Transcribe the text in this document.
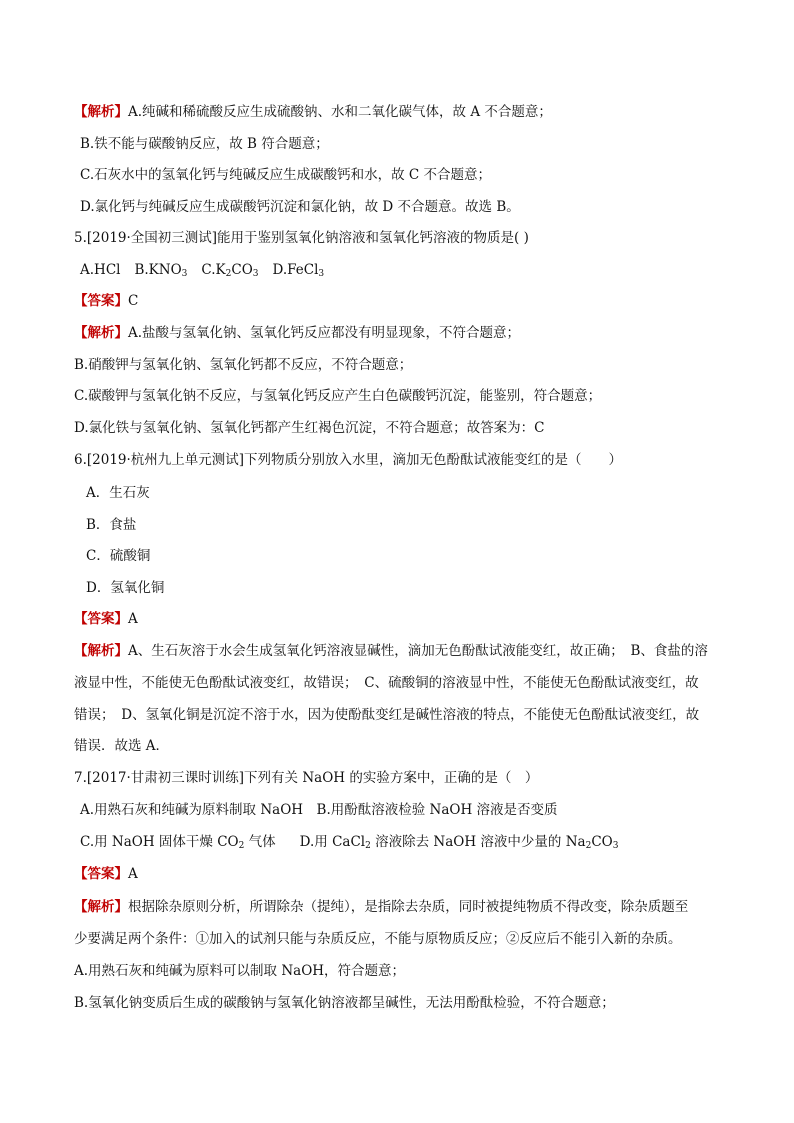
【解析】A.纯碱和稀硫酸反应生成硫酸钠、水和二氧化碳气体，故 A 不合题意；
B.铁不能与碳酸钠反应，故 B 符合题意；
C.石灰水中的氢氧化钙与纯碱反应生成碳酸钙和水，故 C 不合题意；
D.氯化钙与纯碱反应生成碳酸钙沉淀和氯化钠，故 D 不合题意。故选 B。
5.[2019·全国初三测试]能用于鉴别氢氧化钠溶液和氢氧化钙溶液的物质是( )
A.HCl $B.KNO_3$ $C.K_2CO_3$ D.FeCl$_3$
【答案】C
【解析】A.盐酸与氢氧化钠、氢氧化钙反应都没有明显现象，不符合题意；
B.硝酸钾与氢氧化钠、氢氧化钙都不反应，不符合题意；
C.碳酸钾与氢氧化钠不反应，与氢氧化钙反应产生白色碳酸钙沉淀，能鉴别，符合题意；
D.氯化铁与氢氧化钠、氢氧化钙都产生红褐色沉淀，不符合题意；故答案为：C
6.[2019·杭州九上单元测试]下列物质分别放入水里，滴加无色酚酞试液能变红的是（　　）
A．生石灰
B．食盐
C．硫酸铜
D．氢氧化铜
【答案】A
【解析】A、生石灰溶于水会生成氢氧化钙溶液显碱性，滴加无色酚酞试液能变红，故正确；　B、食盐的溶
液显中性，不能使无色酚酞试液变红，故错误；　C、硫酸铜的溶液显中性，不能使无色酚酞试液变红，故
错误；　D、氢氧化铜是沉淀不溶于水，因为使酚酞变红是碱性溶液的特点，不能使无色酚酞试液变红，故
错误．故选 A．
7.[2017·甘肃初三课时训练]下列有关 NaOH 的实验方案中，正确的是（　）
A.用熟石灰和纯碱为原料制取 NaOH　B.用酚酞溶液检验 NaOH 溶液是否变质
C.用 NaOH 固体干燥 $CO_2$ 气体 D.用 CaCl$_2$ 溶液除去 NaOH 溶液中少量的 $Na_2CO_3$
【答案】A
【解析】根据除杂原则分析，所谓除杂（提纯），是指除去杂质，同时被提纯物质不得改变，除杂质题至
少要满足两个条件：①加入的试剂只能与杂质反应，不能与原物质反应；②反应后不能引入新的杂质。
A.用熟石灰和纯碱为原料可以制取 NaOH，符合题意；
B.氢氧化钠变质后生成的碳酸钠与氢氧化钠溶液都呈碱性，无法用酚酞检验，不符合题意；
